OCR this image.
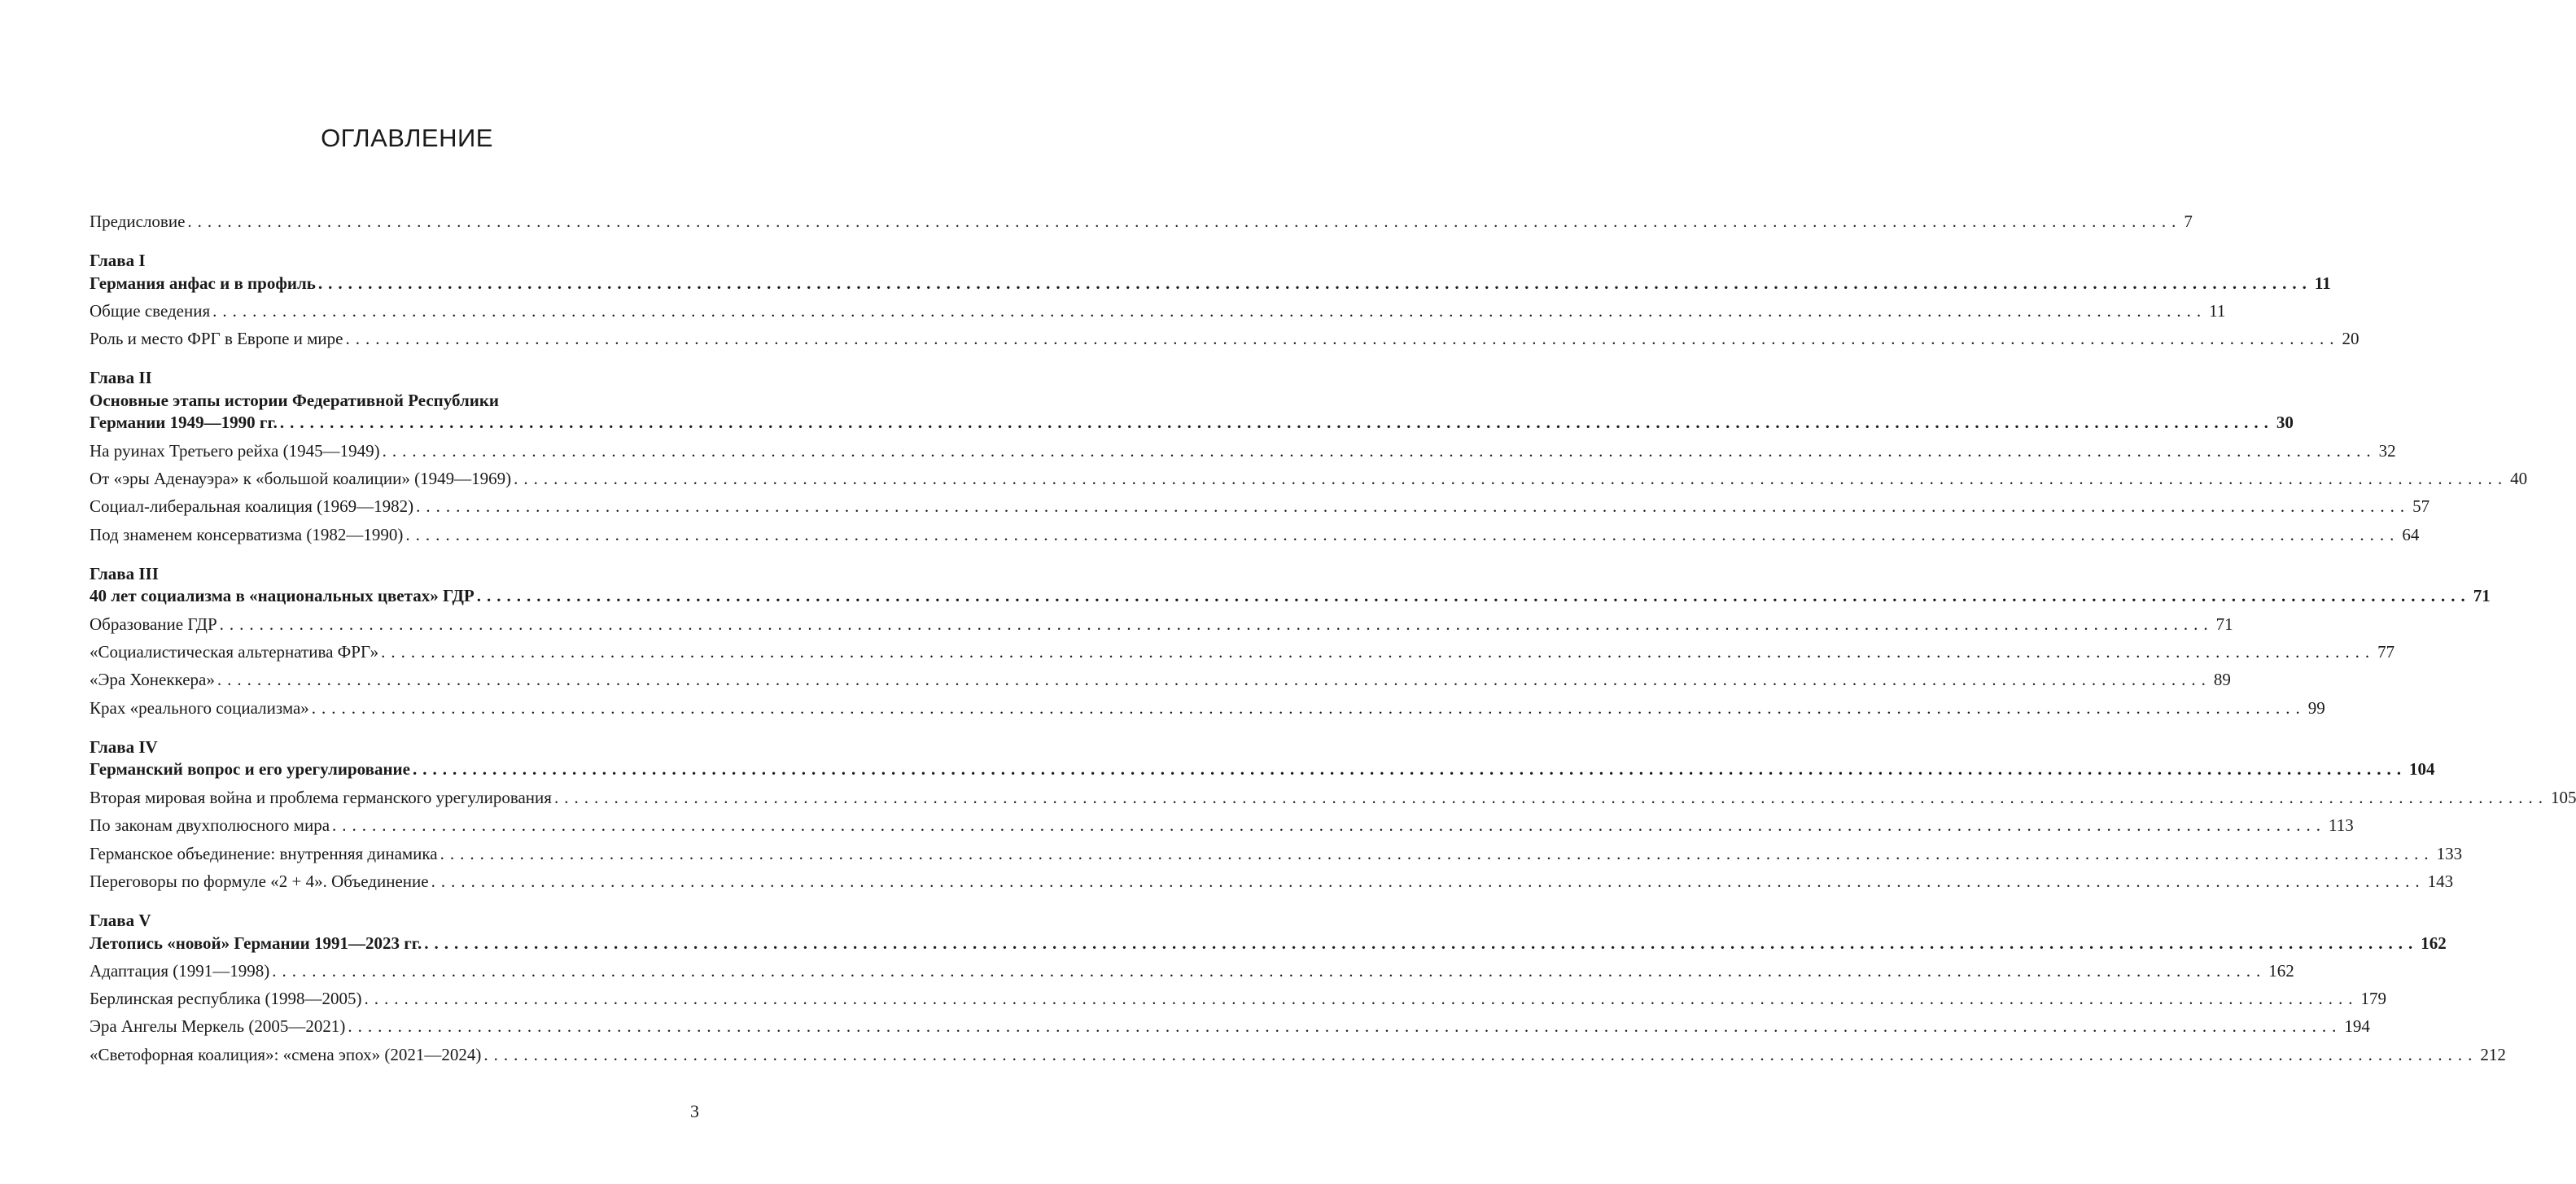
ОГЛАВЛЕНИЕ
Предисловие ........................................................................................................................................................................................................ 7
Глава I
Германия анфас и в профиль ........................................................................................................................................................................................................ 11
Общие сведения ........................................................................................................................................................................................................ 11
Роль и место ФРГ в Европе и мире ........................................................................................................................................................................................................ 20
Глава II
Основные этапы истории Федеративной Республики
Германии 1949—1990 гг. ........................................................................................................................................................................................................ 30
На руинах Третьего рейха (1945—1949) ........................................................................................................................................................................................................ 32
От «эры Аденауэра» к «большой коалиции» (1949—1969) ........................................................................................................................................................................................................ 40
Социал-либеральная коалиция (1969—1982) ........................................................................................................................................................................................................ 57
Под знаменем консерватизма (1982—1990) ........................................................................................................................................................................................................ 64
Глава III
40 лет социализма в «национальных цветах» ГДР ........................................................................................................................................................................................................ 71
Образование ГДР ........................................................................................................................................................................................................ 71
«Социалистическая альтернатива ФРГ» ........................................................................................................................................................................................................ 77
«Эра Хонеккера» ........................................................................................................................................................................................................ 89
Крах «реального социализма» ........................................................................................................................................................................................................ 99
Глава IV
Германский вопрос и его урегулирование ........................................................................................................................................................................................................ 104
Вторая мировая война и проблема германского урегулирования ........................................................................................................................................................................................................ 105
По законам двухполюсного мира ........................................................................................................................................................................................................ 113
Германское объединение: внутренняя динамика ........................................................................................................................................................................................................ 133
Переговоры по формуле «2 + 4». Объединение ........................................................................................................................................................................................................ 143
Глава V
Летопись «новой» Германии 1991—2023 гг. ........................................................................................................................................................................................................ 162
Адаптация (1991—1998) ........................................................................................................................................................................................................ 162
Берлинская республика (1998—2005) ........................................................................................................................................................................................................ 179
Эра Ангелы Меркель (2005—2021) ........................................................................................................................................................................................................ 194
«Светофорная коалиция»: «смена эпох» (2021—2024) ........................................................................................................................................................................................................ 212
3
